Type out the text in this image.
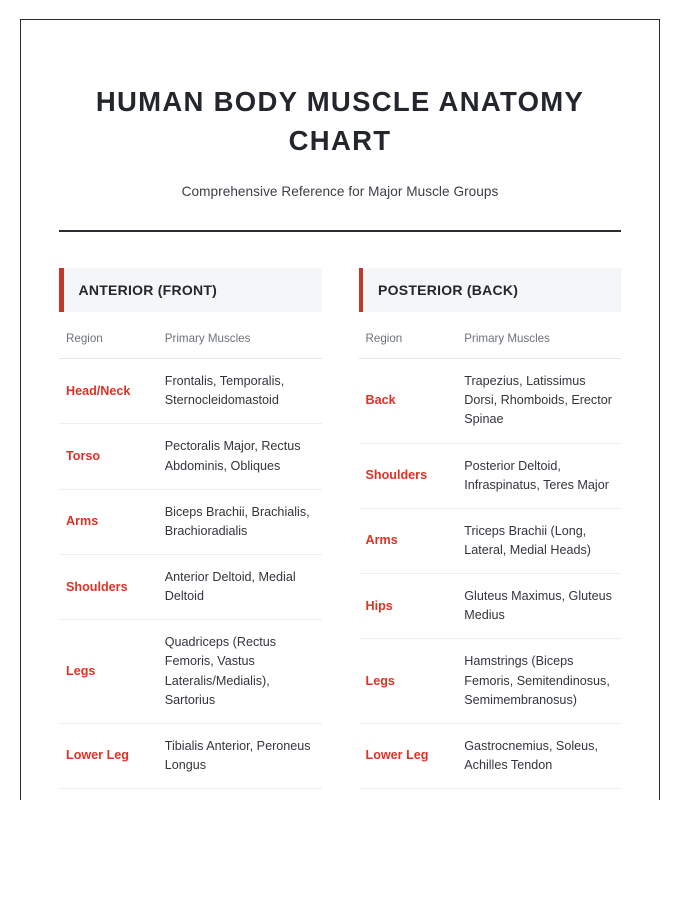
HUMAN BODY MUSCLE ANATOMY CHART

Comprehensive Reference for Major Muscle Groups

ANTERIOR (FRONT)
Region	Primary Muscles
Head/Neck	Frontalis, Temporalis, Sternocleidomastoid
Torso	Pectoralis Major, Rectus Abdominis, Obliques
Arms	Biceps Brachii, Brachialis, Brachioradialis
Shoulders	Anterior Deltoid, Medial Deltoid
Legs	Quadriceps (Rectus Femoris, Vastus Lateralis/Medialis), Sartorius
Lower Leg	Tibialis Anterior, Peroneus Longus
POSTERIOR (BACK)
Region	Primary Muscles
Back	Trapezius, Latissimus Dorsi, Rhomboids, Erector Spinae
Shoulders	Posterior Deltoid, Infraspinatus, Teres Major
Arms	Triceps Brachii (Long, Lateral, Medial Heads)
Hips	Gluteus Maximus, Gluteus Medius
Legs	Hamstrings (Biceps Femoris, Semitendinosus, Semimembranosus)
Lower Leg	Gastrocnemius, Soleus, Achilles Tendon
